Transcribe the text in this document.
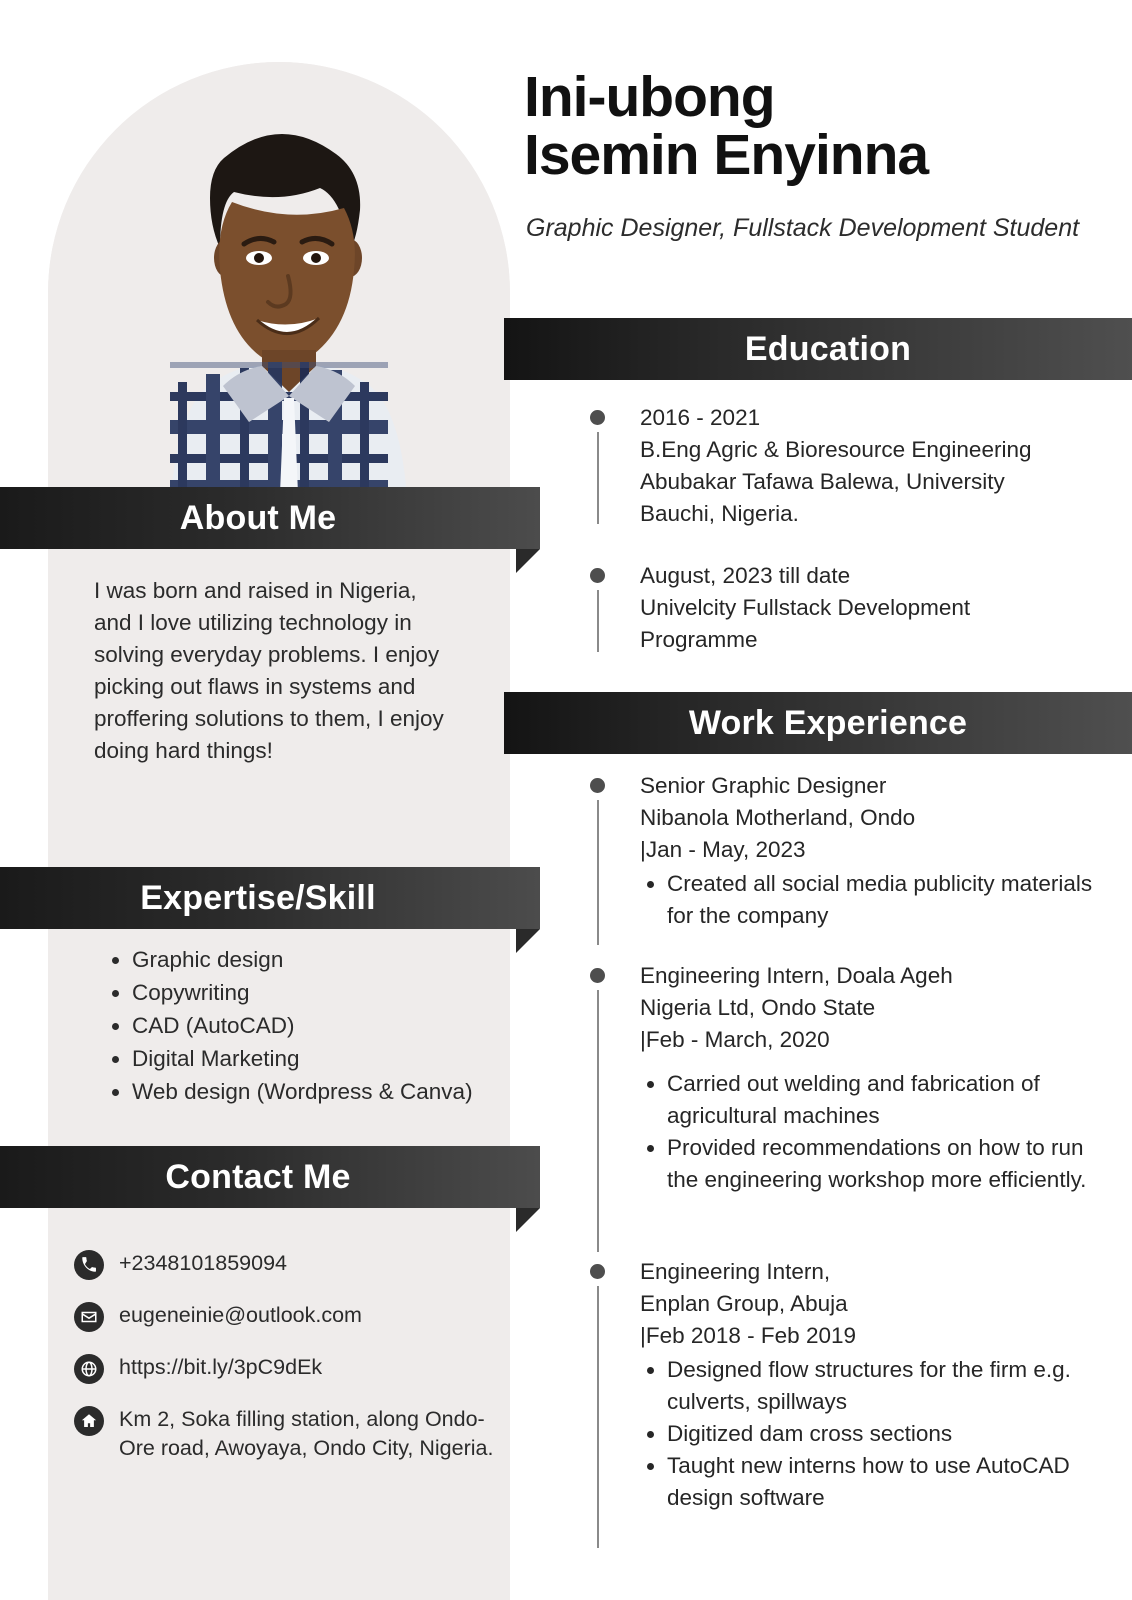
Ini-ubong
Isemin Enyinna
Graphic Designer, Fullstack Development Student
Education
2016 - 2021
B.Eng Agric & Bioresource Engineering
Abubakar Tafawa Balewa, University
Bauchi, Nigeria.
August, 2023 till date
Univelcity Fullstack Development
Programme
Work Experience
Senior Graphic Designer
Nibanola Motherland, Ondo
|Jan - May, 2023
• Created all social media publicity materials for the company
Engineering Intern, Doala Ageh
Nigeria Ltd, Ondo State
|Feb - March, 2020
• Carried out welding and fabrication of agricultural machines
• Provided recommendations on how to run the engineering workshop more efficiently.
Engineering Intern,
Enplan Group, Abuja
|Feb 2018 - Feb 2019
• Designed flow structures for the firm e.g. culverts, spillways
• Digitized dam cross sections
• Taught new interns how to use AutoCAD design software
About Me
I was born and raised in Nigeria, and I love utilizing technology in solving everyday problems. I enjoy picking out flaws in systems and proffering solutions to them, I enjoy doing hard things!
Expertise/Skill
• Graphic design
• Copywriting
• CAD (AutoCAD)
• Digital Marketing
• Web design (Wordpress & Canva)
Contact Me
+2348101859094
eugeneinie@outlook.com
https://bit.ly/3pC9dEk
Km 2, Soka filling station, along Ondo-Ore road, Awoyaya, Ondo City, Nigeria.
